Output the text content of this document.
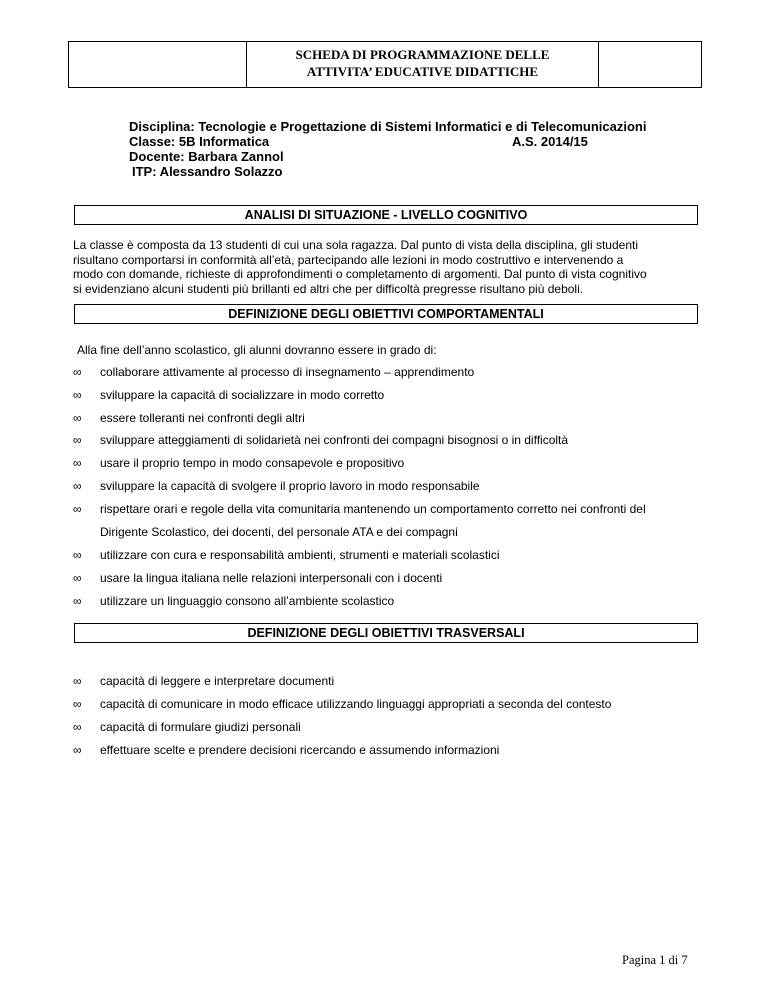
SCHEDA DI PROGRAMMAZIONE DELLE
ATTIVITA’ EDUCATIVE DIDATTICHE
Disciplina: Tecnologie e Progettazione di Sistemi Informatici e di Telecomunicazioni
Classe: 5B Informatica	A.S. 2014/15
Docente: Barbara Zannol
ITP: Alessandro Solazzo
ANALISI DI SITUAZIONE - LIVELLO COGNITIVO
La classe è composta da 13 studenti di cui una sola ragazza. Dal punto di vista della disciplina, gli studenti
risultano comportarsi in conformità all’età, partecipando alle lezioni in modo costruttivo e intervenendo a
modo con domande, richieste di approfondimenti o completamento di argomenti. Dal punto di vista cognitivo
si evidenziano alcuni studenti più brillanti ed altri che per difficoltà pregresse risultano più deboli.
DEFINIZIONE DEGLI OBIETTIVI COMPORTAMENTALI
Alla fine dell’anno scolastico, gli alunni dovranno essere in grado di:
∞ collaborare attivamente al processo di insegnamento – apprendimento
∞ sviluppare la capacità di socializzare in modo corretto
∞ essere tolleranti nei confronti degli altri
∞ sviluppare atteggiamenti di solidarietà nei confronti dei compagni bisognosi o in difficoltà
∞ usare il proprio tempo in modo consapevole e propositivo
∞ sviluppare la capacità di svolgere il proprio lavoro in modo responsabile
∞ rispettare orari e regole della vita comunitaria mantenendo un comportamento corretto nei confronti del
Dirigente Scolastico, dei docenti, del personale ATA e dei compagni
∞ utilizzare con cura e responsabilità ambienti, strumenti e materiali scolastici
∞ usare la lingua italiana nelle relazioni interpersonali con i docenti
∞ utilizzare un linguaggio consono all’ambiente scolastico
DEFINIZIONE DEGLI OBIETTIVI TRASVERSALI
∞ capacità di leggere e interpretare documenti
∞ capacità di comunicare in modo efficace utilizzando linguaggi appropriati a seconda del contesto
∞ capacità di formulare giudizi personali
∞ effettuare scelte e prendere decisioni ricercando e assumendo informazioni
Pagina 1 di 7
